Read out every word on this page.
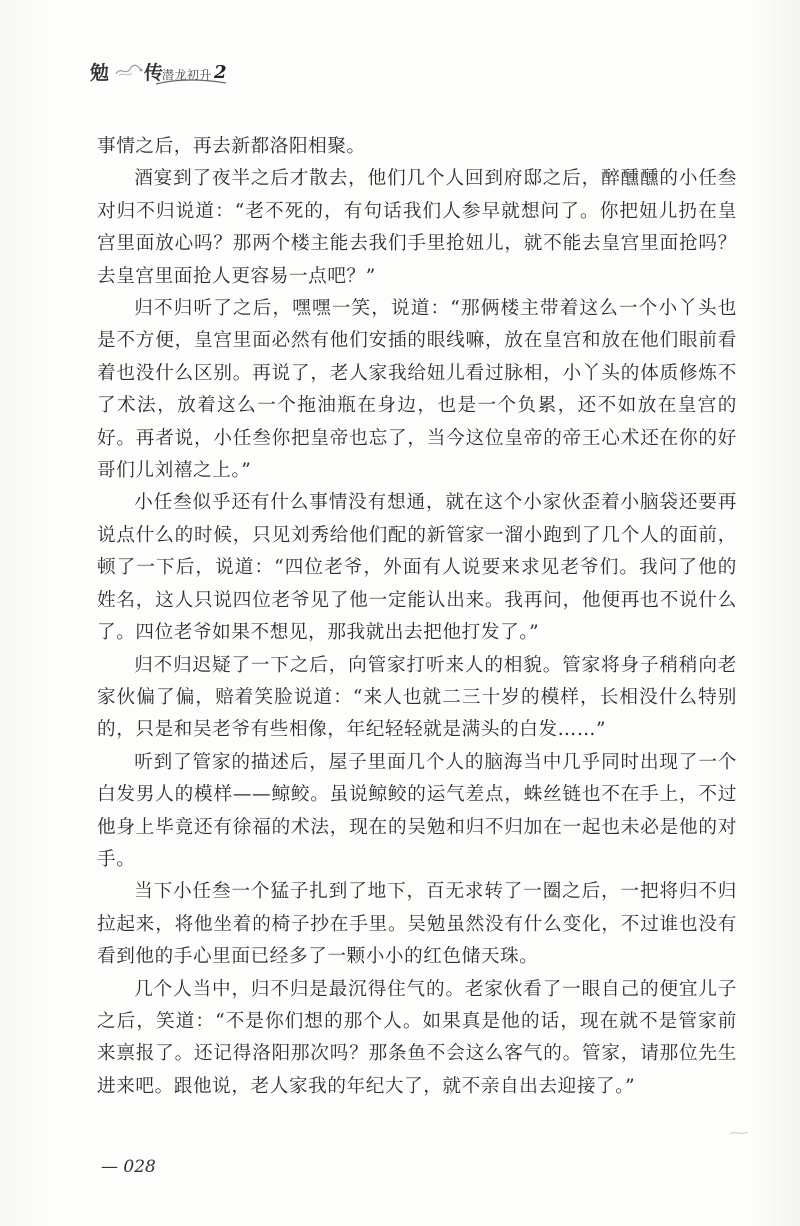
勉 传
潜龙初升 2

事情之后，再去新都洛阳相聚。

酒宴到了夜半之后才散去，他们几个人回到府邸之后，醉醺醺的小任叁对归不归说道：“老不死的，有句话我们人参早就想问了。你把妞儿扔在皇宫里面放心吗？那两个楼主能去我们手里抢妞儿，就不能去皇宫里面抢吗？去皇宫里面抢人更容易一点吧？”

归不归听了之后，嘿嘿一笑，说道：“那俩楼主带着这么一个小丫头也是不方便，皇宫里面必然有他们安插的眼线嘛，放在皇宫和放在他们眼前看着也没什么区别。再说了，老人家我给妞儿看过脉相，小丫头的体质修炼不了术法，放着这么一个拖油瓶在身边，也是一个负累，还不如放在皇宫的好。再者说，小任叁你把皇帝也忘了，当今这位皇帝的帝王心术还在你的好哥们儿刘禧之上。”

小任叁似乎还有什么事情没有想通，就在这个小家伙歪着小脑袋还要再说点什么的时候，只见刘秀给他们配的新管家一溜小跑到了几个人的面前，顿了一下后，说道：“四位老爷，外面有人说要来求见老爷们。我问了他的姓名，这人只说四位老爷见了他一定能认出来。我再问，他便再也不说什么了。四位老爷如果不想见，那我就出去把他打发了。”

归不归迟疑了一下之后，向管家打听来人的相貌。管家将身子稍稍向老家伙偏了偏，赔着笑脸说道：“来人也就二三十岁的模样，长相没什么特别的，只是和吴老爷有些相像，年纪轻轻就是满头的白发……”

听到了管家的描述后，屋子里面几个人的脑海当中几乎同时出现了一个白发男人的模样——鲸鲛。虽说鲸鲛的运气差点，蛛丝链也不在手上，不过他身上毕竟还有徐福的术法，现在的吴勉和归不归加在一起也未必是他的对手。

当下小任叁一个猛子扎到了地下，百无求转了一圈之后，一把将归不归拉起来，将他坐着的椅子抄在手里。吴勉虽然没有什么变化，不过谁也没有看到他的手心里面已经多了一颗小小的红色储天珠。

几个人当中，归不归是最沉得住气的。老家伙看了一眼自己的便宜儿子之后，笑道：“不是你们想的那个人。如果真是他的话，现在就不是管家前来禀报了。还记得洛阳那次吗？那条鱼不会这么客气的。管家，请那位先生进来吧。跟他说，老人家我的年纪大了，就不亲自出去迎接了。”

— 028
